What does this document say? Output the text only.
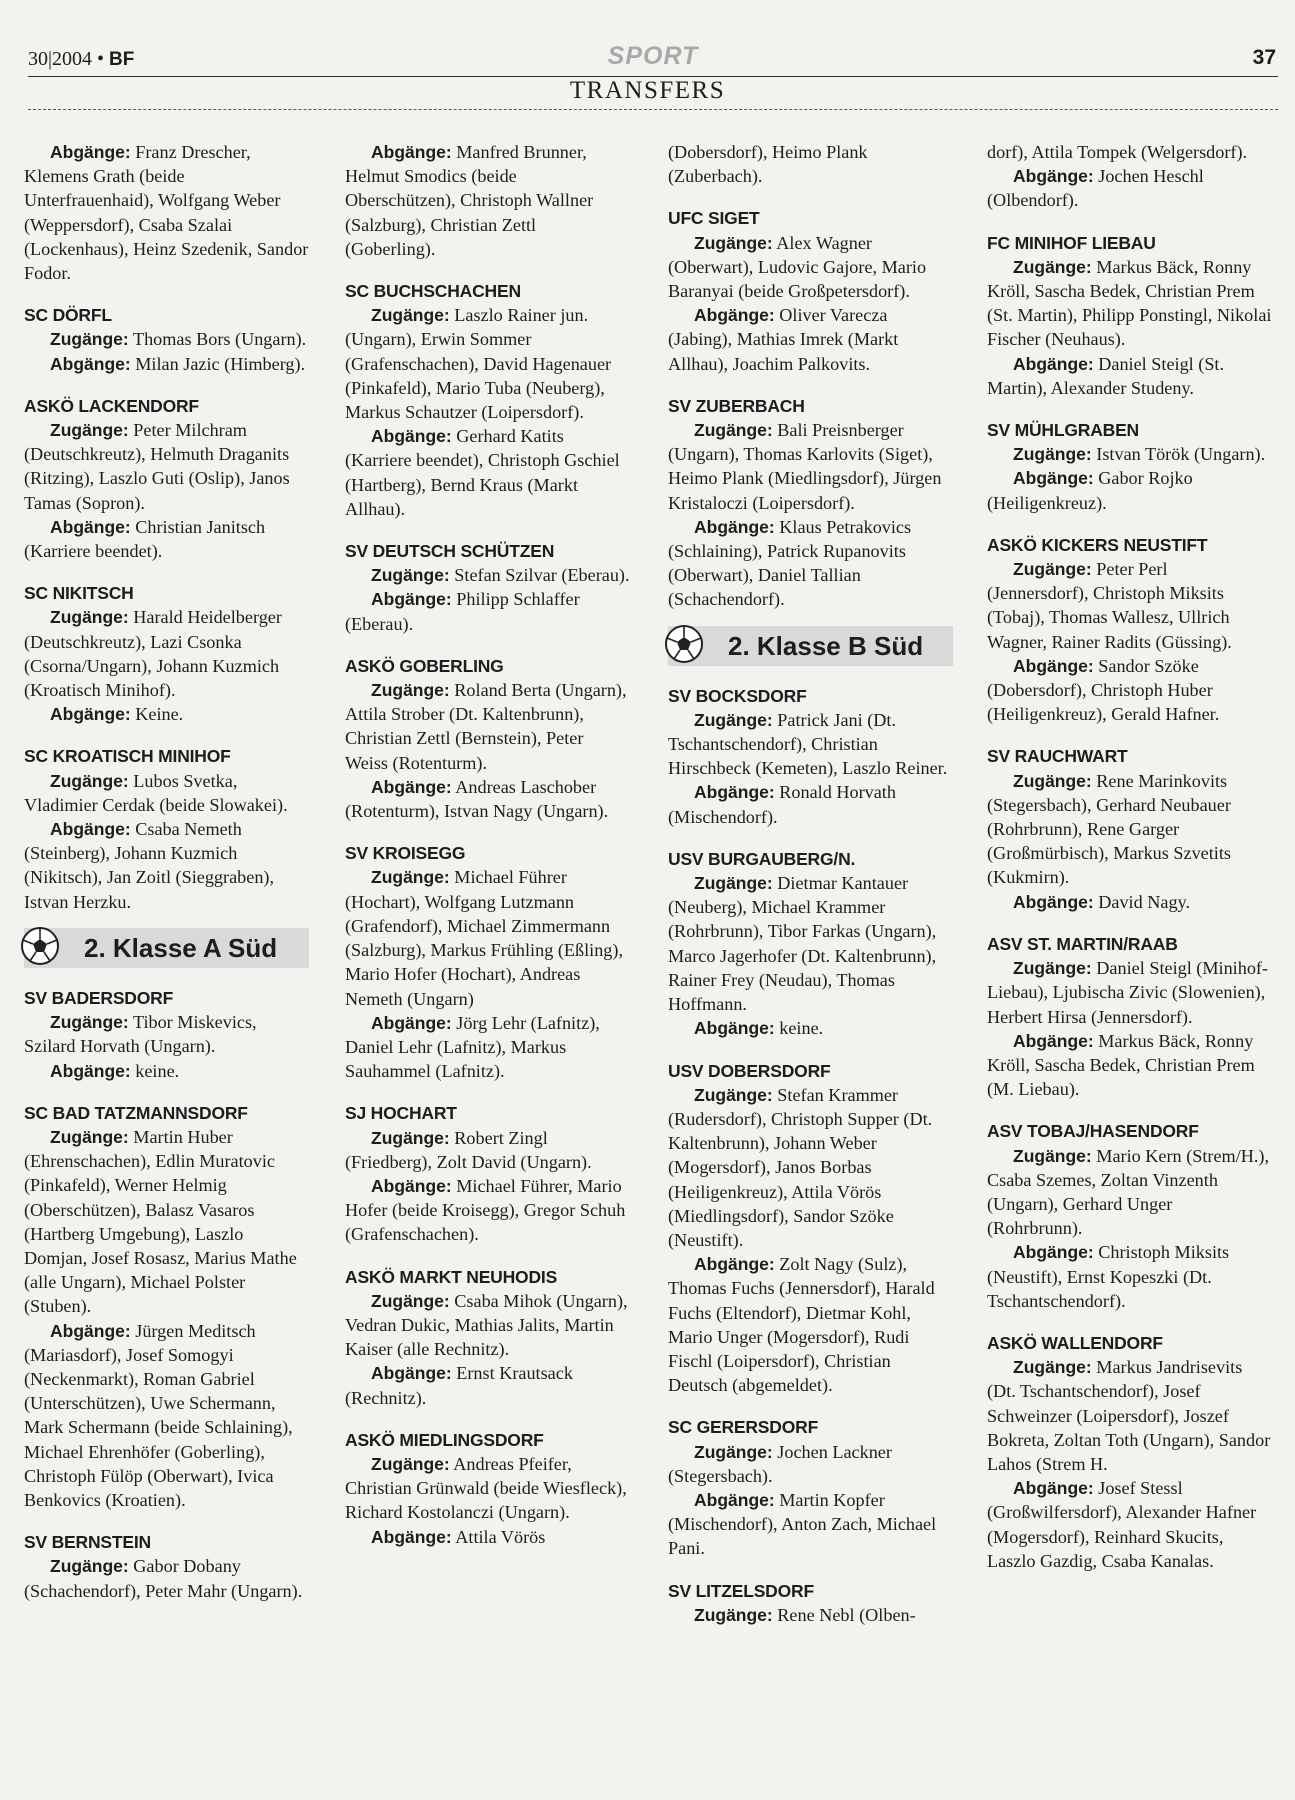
30|2004 • BF	SPORT	37
TRANSFERS

Abgänge: Franz Drescher, Klemens Grath (beide Unterfrauenhaid), Wolfgang Weber (Weppersdorf), Csaba Szalai (Lockenhaus), Heinz Szedenik, Sandor Fodor.

SC DÖRFL

Zugänge: Thomas Bors (Ungarn).

Abgänge: Milan Jazic (Himberg).

ASKÖ LACKENDORF

Zugänge: Peter Milchram (Deutschkreutz), Helmuth Draganits (Ritzing), Laszlo Guti (Oslip), Janos Tamas (Sopron).

Abgänge: Christian Janitsch (Karriere beendet).

SC NIKITSCH

Zugänge: Harald Heidelberger (Deutschkreutz), Lazi Csonka (Csorna/Ungarn), Johann Kuzmich (Kroatisch Minihof).

Abgänge: Keine.

SC KROATISCH MINIHOF

Zugänge: Lubos Svetka, Vladimier Cerdak (beide Slowakei).

Abgänge: Csaba Nemeth (Steinberg), Johann Kuzmich (Nikitsch), Jan Zoitl (Sieggraben), Istvan Herzku.

2. Klasse A Süd

SV BADERSDORF

Zugänge: Tibor Miskevics, Szilard Horvath (Ungarn).

Abgänge: keine.

SC BAD TATZMANNSDORF

Zugänge: Martin Huber (Ehrenschachen), Edlin Muratovic (Pinkafeld), Werner Helmig (Oberschützen), Balasz Vasaros (Hartberg Umgebung), Laszlo Domjan, Josef Rosasz, Marius Mathe (alle Ungarn), Michael Polster (Stuben).

Abgänge: Jürgen Meditsch (Mariasdorf), Josef Somogyi (Neckenmarkt), Roman Gabriel (Unterschützen), Uwe Schermann, Mark Schermann (beide Schlaining), Michael Ehrenhöfer (Goberling), Christoph Fülöp (Oberwart), Ivica Benkovics (Kroatien).

SV BERNSTEIN

Zugänge: Gabor Dobany (Schachendorf), Peter Mahr (Ungarn).

Abgänge: Manfred Brunner, Helmut Smodics (beide Oberschützen), Christoph Wallner (Salzburg), Christian Zettl (Goberling).

SC BUCHSCHACHEN

Zugänge: Laszlo Rainer jun. (Ungarn), Erwin Sommer (Grafenschachen), David Hagenauer (Pinkafeld), Mario Tuba (Neuberg), Markus Schautzer (Loipersdorf).

Abgänge: Gerhard Katits (Karriere beendet), Christoph Gschiel (Hartberg), Bernd Kraus (Markt Allhau).

SV DEUTSCH SCHÜTZEN

Zugänge: Stefan Szilvar (Eberau).

Abgänge: Philipp Schlaffer (Eberau).

ASKÖ GOBERLING

Zugänge: Roland Berta (Ungarn), Attila Strober (Dt. Kaltenbrunn), Christian Zettl (Bernstein), Peter Weiss (Rotenturm).

Abgänge: Andreas Laschober (Rotenturm), Istvan Nagy (Ungarn).

SV KROISEGG

Zugänge: Michael Führer (Hochart), Wolfgang Lutzmann (Grafendorf), Michael Zimmermann (Salzburg), Markus Frühling (Eßling), Mario Hofer (Hochart), Andreas Nemeth (Ungarn)

Abgänge: Jörg Lehr (Lafnitz), Daniel Lehr (Lafnitz), Markus Sauhammel (Lafnitz).

SJ HOCHART

Zugänge: Robert Zingl (Friedberg), Zolt David (Ungarn).

Abgänge: Michael Führer, Mario Hofer (beide Kroisegg), Gregor Schuh (Grafenschachen).

ASKÖ MARKT NEUHODIS

Zugänge: Csaba Mihok (Ungarn), Vedran Dukic, Mathias Jalits, Martin Kaiser (alle Rechnitz).

Abgänge: Ernst Krautsack (Rechnitz).

ASKÖ MIEDLINGSDORF

Zugänge: Andreas Pfeifer, Christian Grünwald (beide Wiesfleck), Richard Kostolanczi (Ungarn).

Abgänge: Attila Vörös

(Dobersdorf), Heimo Plank (Zuberbach).

UFC SIGET

Zugänge: Alex Wagner (Oberwart), Ludovic Gajore, Mario Baranyai (beide Großpetersdorf).

Abgänge: Oliver Varecza (Jabing), Mathias Imrek (Markt Allhau), Joachim Palkovits.

SV ZUBERBACH

Zugänge: Bali Preisnberger (Ungarn), Thomas Karlovits (Siget), Heimo Plank (Miedlingsdorf), Jürgen Kristaloczi (Loipersdorf).

Abgänge: Klaus Petrakovics (Schlaining), Patrick Rupanovits (Oberwart), Daniel Tallian (Schachendorf).

2. Klasse B Süd

SV BOCKSDORF

Zugänge: Patrick Jani (Dt. Tschantschendorf), Christian Hirschbeck (Kemeten), Laszlo Reiner.

Abgänge: Ronald Horvath (Mischendorf).

USV BURGAUBERG/N.

Zugänge: Dietmar Kantauer (Neuberg), Michael Krammer (Rohrbrunn), Tibor Farkas (Ungarn), Marco Jagerhofer (Dt. Kaltenbrunn), Rainer Frey (Neudau), Thomas Hoffmann.

Abgänge: keine.

USV DOBERSDORF

Zugänge: Stefan Krammer (Rudersdorf), Christoph Supper (Dt. Kaltenbrunn), Johann Weber (Mogersdorf), Janos Borbas (Heiligenkreuz), Attila Vörös (Miedlingsdorf), Sandor Szöke (Neustift).

Abgänge: Zolt Nagy (Sulz), Thomas Fuchs (Jennersdorf), Harald Fuchs (Eltendorf), Dietmar Kohl, Mario Unger (Mogersdorf), Rudi Fischl (Loipersdorf), Christian Deutsch (abgemeldet).

SC GERERSDORF

Zugänge: Jochen Lackner (Stegersbach).

Abgänge: Martin Kopfer (Mischendorf), Anton Zach, Michael Pani.

SV LITZELSDORF

Zugänge: Rene Nebl (Olben-

dorf), Attila Tompek (Welgersdorf).

Abgänge: Jochen Heschl (Olbendorf).

FC MINIHOF LIEBAU

Zugänge: Markus Bäck, Ronny Kröll, Sascha Bedek, Christian Prem (St. Martin), Philipp Ponstingl, Nikolai Fischer (Neuhaus).

Abgänge: Daniel Steigl (St. Martin), Alexander Studeny.

SV MÜHLGRABEN

Zugänge: Istvan Török (Ungarn).

Abgänge: Gabor Rojko (Heiligenkreuz).

ASKÖ KICKERS NEUSTIFT

Zugänge: Peter Perl (Jennersdorf), Christoph Miksits (Tobaj), Thomas Wallesz, Ullrich Wagner, Rainer Radits (Güssing).

Abgänge: Sandor Szöke (Dobersdorf), Christoph Huber (Heiligenkreuz), Gerald Hafner.

SV RAUCHWART

Zugänge: Rene Marinkovits (Stegersbach), Gerhard Neubauer (Rohrbrunn), Rene Garger (Großmürbisch), Markus Szvetits (Kukmirn).

Abgänge: David Nagy.

ASV ST. MARTIN/RAAB

Zugänge: Daniel Steigl (Minihof-Liebau), Ljubischa Zivic (Slowenien), Herbert Hirsa (Jennersdorf).

Abgänge: Markus Bäck, Ronny Kröll, Sascha Bedek, Christian Prem (M. Liebau).

ASV TOBAJ/HASENDORF

Zugänge: Mario Kern (Strem/H.), Csaba Szemes, Zoltan Vinzenth (Ungarn), Gerhard Unger (Rohrbrunn).

Abgänge: Christoph Miksits (Neustift), Ernst Kopeszki (Dt. Tschantschendorf).

ASKÖ WALLENDORF

Zugänge: Markus Jandrisevits (Dt. Tschantschendorf), Josef Schweinzer (Loipersdorf), Joszef Bokreta, Zoltan Toth (Ungarn), Sandor Lahos (Strem H.

Abgänge: Josef Stessl (Großwilfersdorf), Alexander Hafner (Mogersdorf), Reinhard Skucits, Laszlo Gazdig, Csaba Kanalas.
